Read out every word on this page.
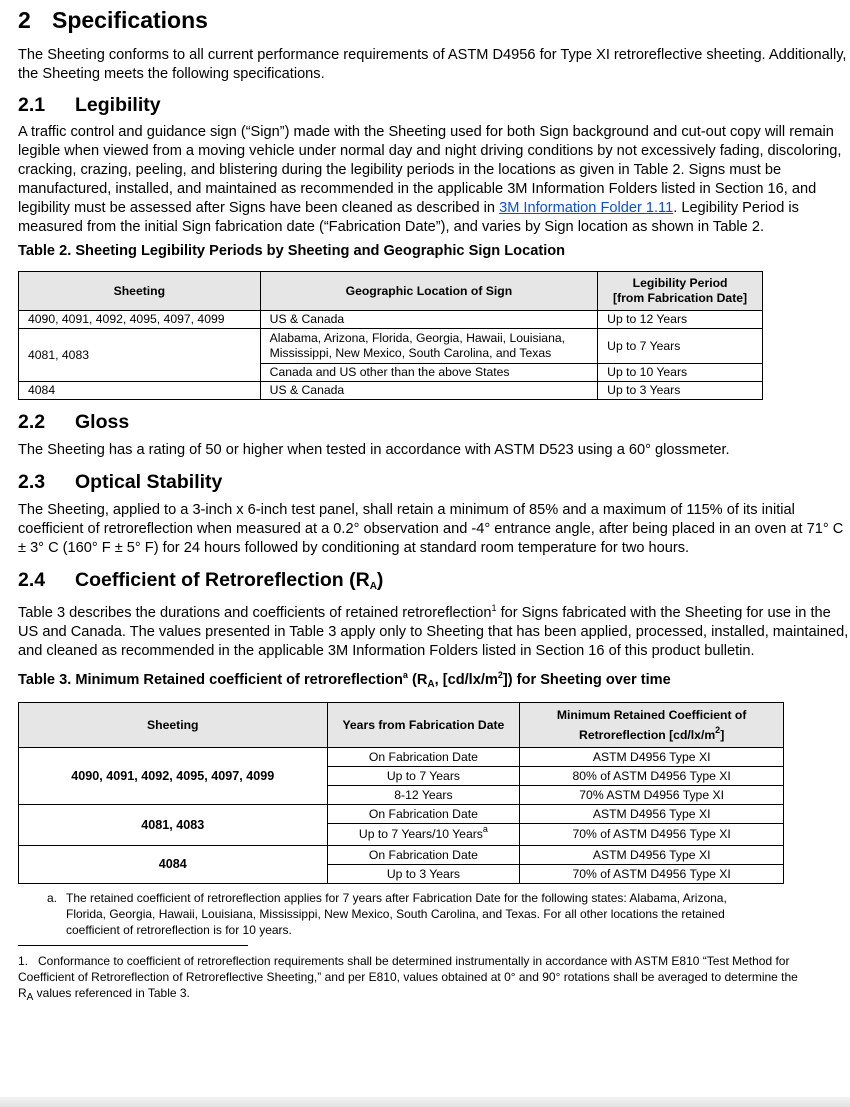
2 Specifications

The Sheeting conforms to all current performance requirements of ASTM D4956 for Type XI retroreflective sheeting. Additionally, the Sheeting meets the following specifications.

2.1 Legibility

A traffic control and guidance sign (“Sign”) made with the Sheeting used for both Sign background and cut-out copy will remain legible when viewed from a moving vehicle under normal day and night driving conditions by not excessively fading, discoloring, cracking, crazing, peeling, and blistering during the legibility periods in the locations as given in Table 2. Signs must be manufactured, installed, and maintained as recommended in the applicable 3M Information Folders listed in Section 16, and legibility must be assessed after Signs have been cleaned as described in 3M Information Folder 1.11. Legibility Period is measured from the initial Sign fabrication date (“Fabrication Date”), and varies by Sign location as shown in Table 2.

Table 2. Sheeting Legibility Periods by Sheeting and Geographic Sign Location

Sheeting	Geographic Location of Sign	Legibility Period
[from Fabrication Date]
4090, 4091, 4092, 4095, 4097, 4099	US & Canada	Up to 12 Years
4081, 4083	Alabama, Arizona, Florida, Georgia, Hawaii, Louisiana, Mississippi, New Mexico, South Carolina, and Texas	Up to 7 Years
	Canada and US other than the above States	Up to 10 Years
4084	US & Canada	Up to 3 Years
2.2 Gloss

The Sheeting has a rating of 50 or higher when tested in accordance with ASTM D523 using a 60° glossmeter.

2.3 Optical Stability

The Sheeting, applied to a 3-inch x 6-inch test panel, shall retain a minimum of 85% and a maximum of 115% of its initial coefficient of retroreflection when measured at a 0.2° observation and -4° entrance angle, after being placed in an oven at 71° C ± 3° C (160° F ± 5° F) for 24 hours followed by conditioning at standard room temperature for two hours.

2.4 Coefficient of Retroreflection $(R_A)$

Table 3 describes the durations and coefficients of retained retroreflection$^1$ for Signs fabricated with the Sheeting for use in the US and Canada. The values presented in Table 3 apply only to Sheeting that has been applied, processed, installed, maintained, and cleaned as recommended in the applicable 3M Information Folders listed in Section 16 of this product bulletin.

Table 3. Minimum Retained coefficient of retroreflection$^a$ ($R_A$, $[cd/lx/m^2]$) for Sheeting over time

Sheeting	Years from Fabrication Date	Minimum Retained Coefficient of
Retroreflection $[cd/lx/m^2]$
4090, 4091, 4092, 4095, 4097, 4099	On Fabrication Date	ASTM D4956 Type XI
	Up to 7 Years	80% of ASTM D4956 Type XI
	8-12 Years	70% ASTM D4956 Type XI
4081, 4083	On Fabrication Date	ASTM D4956 Type XI
	Up to 7 Years/10 Years$^a$	70% of ASTM D4956 Type XI
4084	On Fabrication Date	ASTM D4956 Type XI
	Up to 3 Years	70% of ASTM D4956 Type XI
a. The retained coefficient of retroreflection applies for 7 years after Fabrication Date for the following states: Alabama, Arizona, Florida, Georgia, Hawaii, Louisiana, Mississippi, New Mexico, South Carolina, and Texas. For all other locations the retained coefficient of retroreflection is for 10 years.
1. Conformance to coefficient of retroreflection requirements shall be determined instrumentally in accordance with ASTM E810 “Test Method for Coefficient of Retroreflection of Retroreflective Sheeting,” and per E810, values obtained at 0° and 90° rotations shall be averaged to determine the $R_A$ values referenced in Table 3.
